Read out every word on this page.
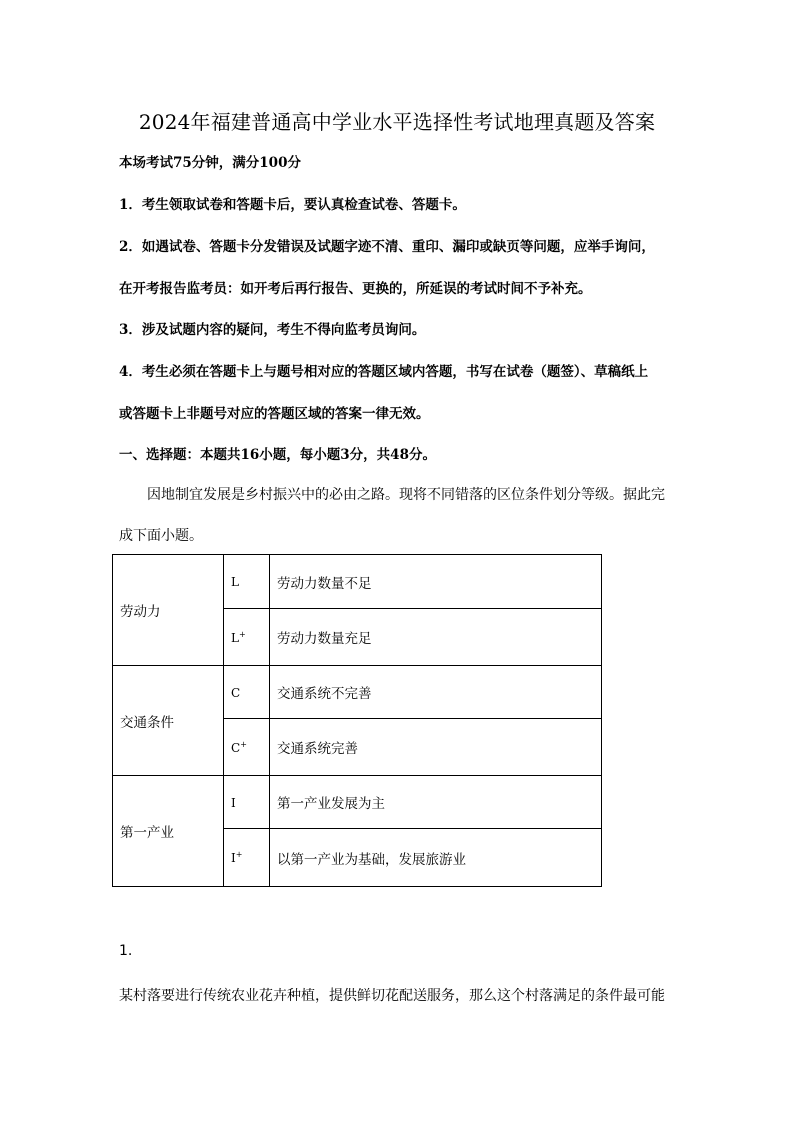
2024年福建普通高中学业水平选择性考试地理真题及答案
本场考试75分钟，满分100分
1．考生领取试卷和答题卡后，要认真检查试卷、答题卡。
2．如遇试卷、答题卡分发错误及试题字迹不清、重印、漏印或缺页等问题，应举手询问，
在开考报告监考员：如开考后再行报告、更换的，所延误的考试时间不予补充。
3．涉及试题内容的疑问，考生不得向监考员询问。
4．考生必须在答题卡上与题号相对应的答题区域内答题，书写在试卷（题签）、草稿纸上
或答题卡上非题号对应的答题区域的答案一律无效。
一、选择题：本题共16小题，每小题3分，共48分。
因地制宜发展是乡村振兴中的必由之路。现将不同错落的区位条件划分等级。据此完
成下面小题。
劳动力	L	劳动力数量不足
	L+	劳动力数量充足
交通条件	C	交通系统不完善
	C+	交通系统完善
第一产业	I	第一产业发展为主
	I+	以第一产业为基础，发展旅游业
1.
某村落要进行传统农业花卉种植，提供鲜切花配送服务，那么这个村落满足的条件最可能
